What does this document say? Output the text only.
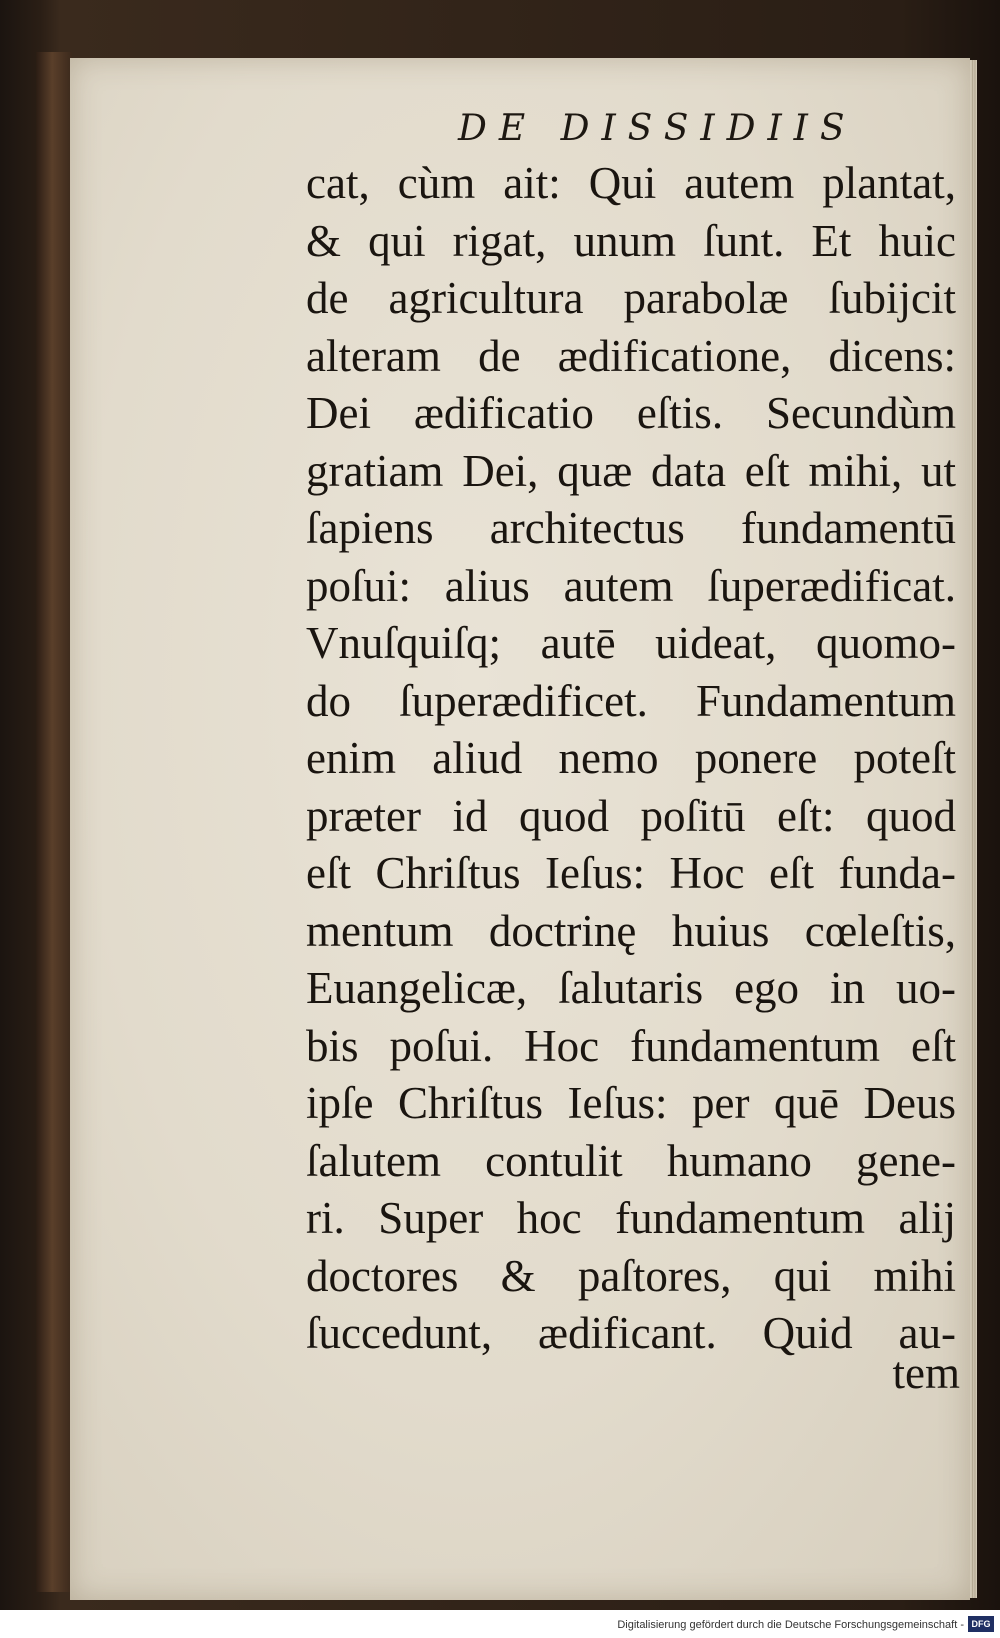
DE DISSIDIIS
cat, cùm ait: Qui autem plantat,
& qui rigat, unum ſunt. Et huic
de agricultura parabolæ ſubijcit
alteram de ædificatione, dicens:
Dei ædificatio eſtis. Secundùm
gratiam Dei, quæ data eſt mihi, ut
ſapiens architectus fundamentū
poſui: alius autem ſuperædificat.
Vnuſquiſq; autē uideat, quomo-
do ſuperædificet. Fundamentum
enim aliud nemo ponere poteſt
præter id quod poſitū eſt: quod
eſt Chriſtus Ieſus: Hoc eſt funda-
mentum doctrinę huius cœleſtis,
Euangelicæ, ſalutaris ego in uo-
bis poſui. Hoc fundamentum eſt
ipſe Chriſtus Ieſus: per quē Deus
ſalutem contulit humano gene-
ri. Super hoc fundamentum alij
doctores & paſtores, qui mihi
ſuccedunt, ædificant. Quid au-
tem
Digitalisierung gefördert durch die Deutsche Forschungsgemeinschaft - DFG
